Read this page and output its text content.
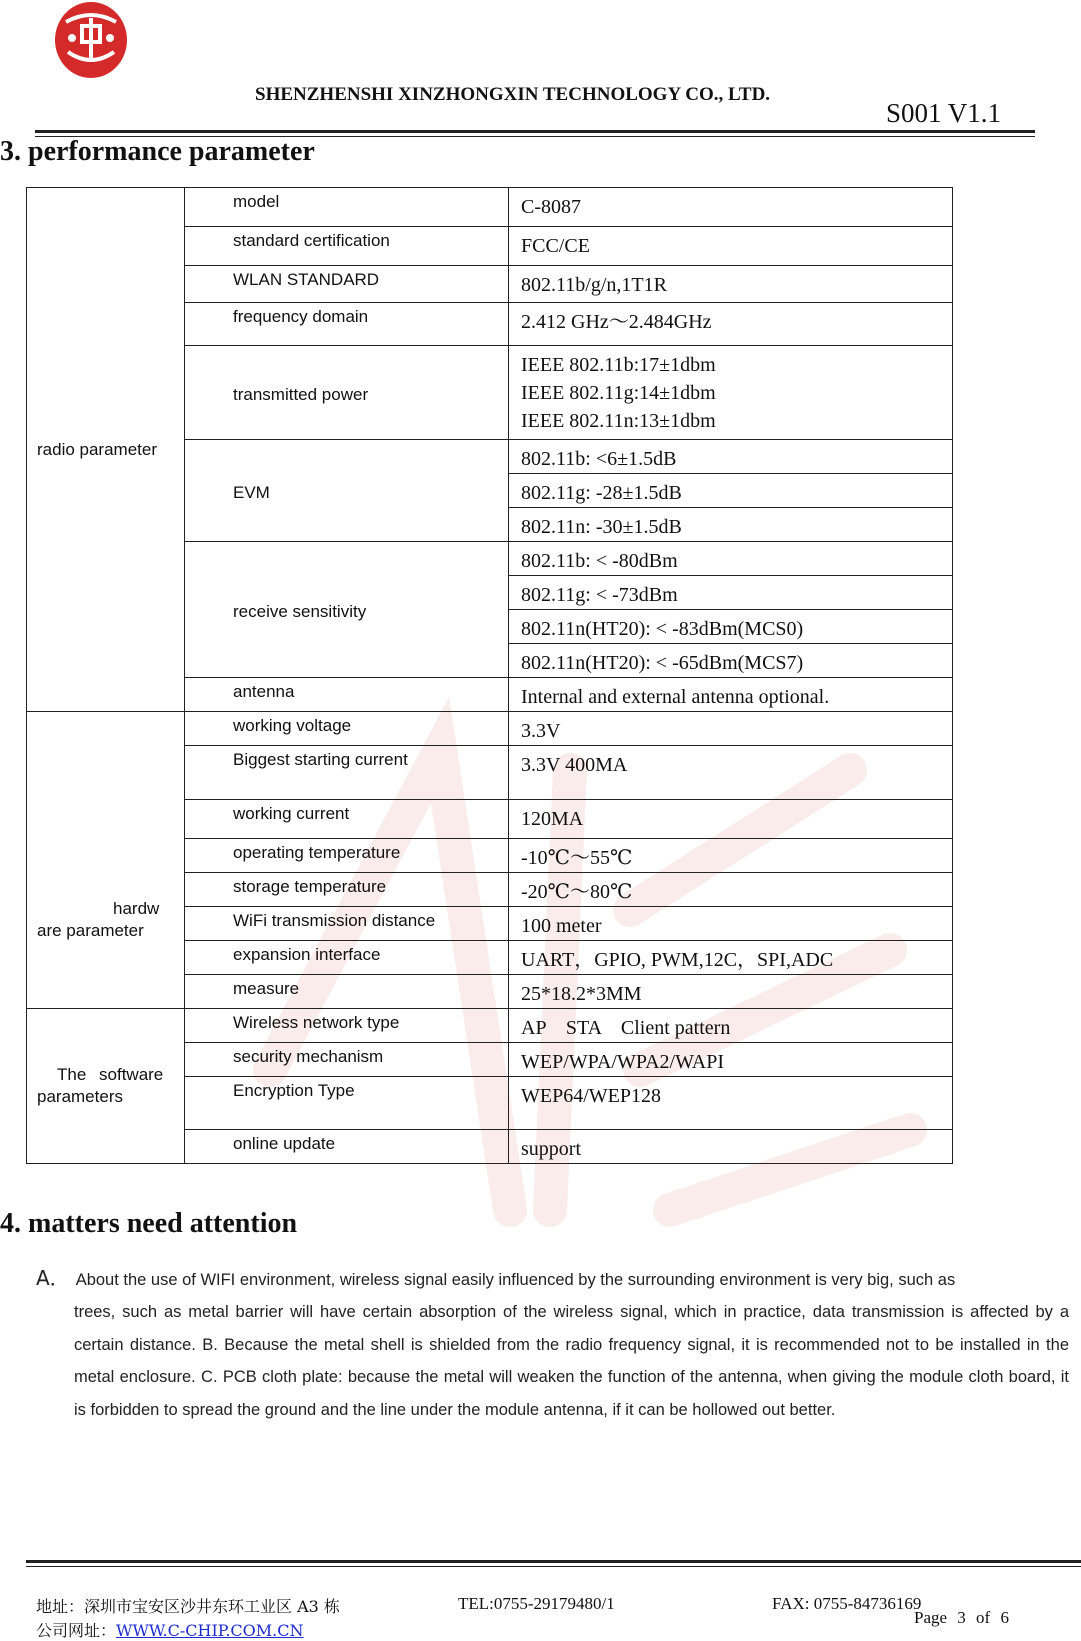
SHENZHENSHI XINZHONGXIN TECHNOLOGY CO., LTD.
S001 V1.1
3. performance parameter
radio parameter	model	C-8087
	standard certification	FCC/CE
	WLAN STANDARD	802.11b/g/n,1T1R
	frequency domain	2.412 GHz～2.484GHz
	transmitted power	IEEE 802.11b:17±1dbm
IEEE 802.11g:14±1dbm
IEEE 802.11n:13±1dbm

	EVM	802.11b: <6±1.5dB
		802.11g: -28±1.5dB
		802.11n: -30±1.5dB
	receive sensitivity	802.11b: < -80dBm
		802.11g: < -73dBm
		802.11n(HT20): < -83dBm(MCS0)
		802.11n(HT20): < -65dBm(MCS7)
	antenna	Internal and external antenna optional.

hardw
are parameter	working voltage	3.3V
	Biggest starting current	3.3V 400MA
	working current	120MA
	operating temperature	-10℃～55℃
	storage temperature	-20℃～80℃
	WiFi transmission distance	100 meter
	expansion interface	UART，GPIO, PWM,12C，SPI,ADC
	measure	25*18.2*3MM

The software
parameters	Wireless network type	AP    STA    Client pattern
	security mechanism	WEP/WPA/WPA2/WAPI
	Encryption Type	WEP64/WEP128
	online update	support
4. matters need attention
A． About the use of WIFI environment, wireless signal easily influenced by the surrounding environment is very big, such as
trees, such as metal barrier will have certain absorption of the wireless signal, which in practice, data transmission is affected by a certain distance. B. Because the metal shell is shielded from the radio frequency signal, it is recommended not to be installed in the metal enclosure. C. PCB cloth plate: because the metal will weaken the function of the antenna, when giving the module cloth board, it is forbidden to spread the ground and the line under the module antenna, if it can be hollowed out better.
地址：深圳市宝安区沙井东环工业区 A3 栋	TEL:0755-29179480/1	FAX: 0755-84736169
公司网址：WWW.C-CHIP.COM.CN
Page 3 of 6
